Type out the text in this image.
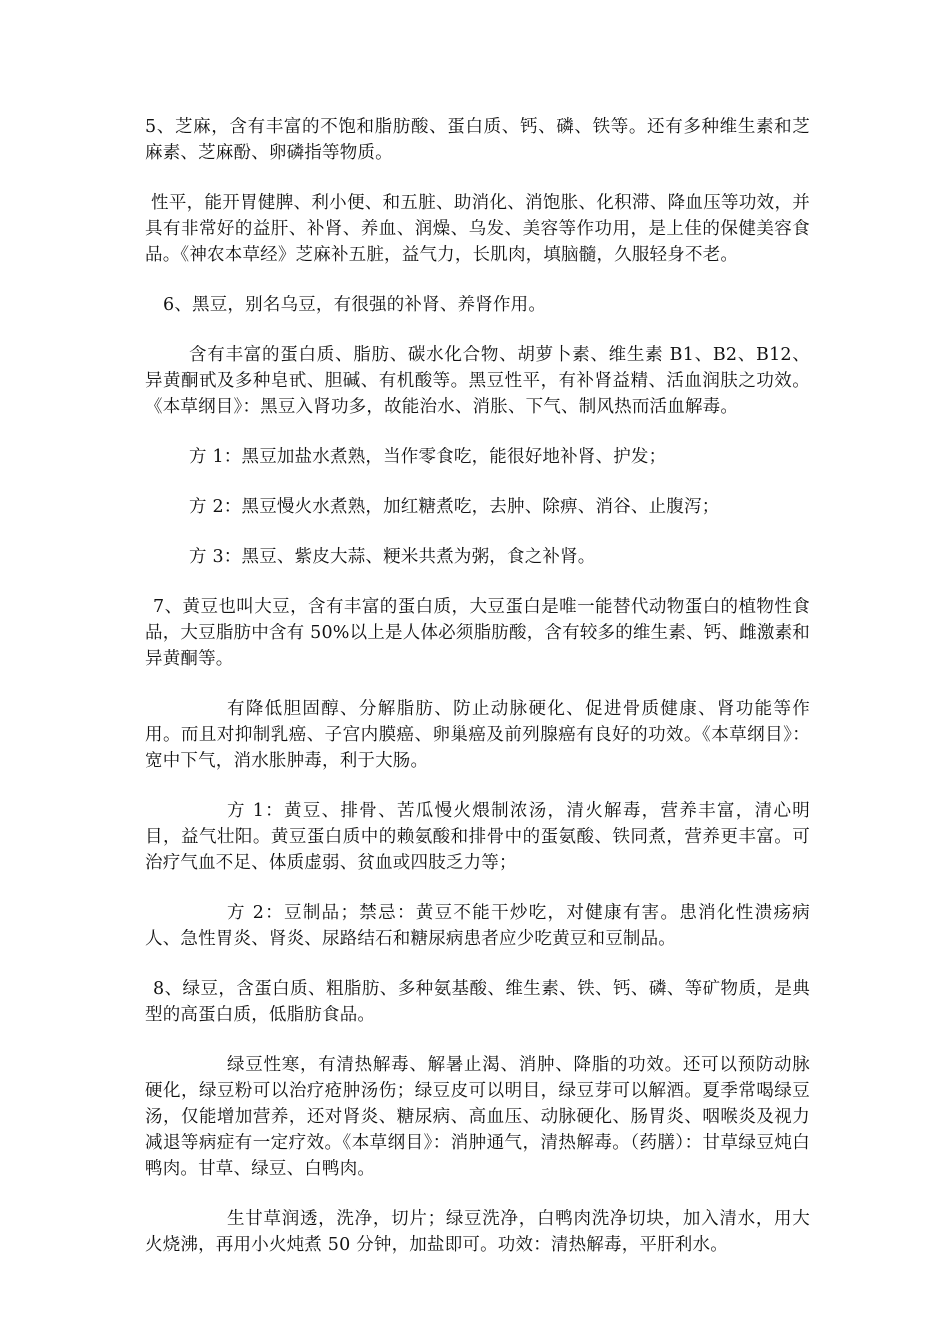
5、芝麻，含有丰富的不饱和脂肪酸、蛋白质、钙、磷、铁等。还有多种维生素和芝麻素、芝麻酚、卵磷指等物质。

性平，能开胃健脾、利小便、和五脏、助消化、消饱胀、化积滞、降血压等功效，并具有非常好的益肝、补肾、养血、润燥、乌发、美容等作功用，是上佳的保健美容食品。《神农本草经》芝麻补五脏，益气力，长肌肉，填脑髓，久服轻身不老。

6、黑豆，别名乌豆，有很强的补肾、养肾作用。

含有丰富的蛋白质、脂肪、碳水化合物、胡萝卜素、维生素 B1、B2、B12、异黄酮甙及多种皂甙、胆碱、有机酸等。黑豆性平，有补肾益精、活血润肤之功效。《本草纲目》：黑豆入肾功多，故能治水、消胀、下气、制风热而活血解毒。

方 1：黑豆加盐水煮熟，当作零食吃，能很好地补肾、护发；

方 2：黑豆慢火水煮熟，加红糖煮吃，去肿、除痹、消谷、止腹泻；

方 3：黑豆、紫皮大蒜、粳米共煮为粥，食之补肾。

7、黄豆也叫大豆，含有丰富的蛋白质，大豆蛋白是唯一能替代动物蛋白的植物性食品，大豆脂肪中含有 50%以上是人体必须脂肪酸，含有较多的维生素、钙、雌激素和异黄酮等。

有降低胆固醇、分解脂肪、防止动脉硬化、促进骨质健康、肾功能等作用。而且对抑制乳癌、子宫内膜癌、卵巢癌及前列腺癌有良好的功效。《本草纲目》：宽中下气，消水胀肿毒，利于大肠。

方 1：黄豆、排骨、苦瓜慢火煨制浓汤，清火解毒，营养丰富，清心明目，益气壮阳。黄豆蛋白质中的赖氨酸和排骨中的蛋氨酸、铁同煮，营养更丰富。可治疗气血不足、体质虚弱、贫血或四肢乏力等；

方 2：豆制品；禁忌：黄豆不能干炒吃，对健康有害。患消化性溃疡病人、急性胃炎、肾炎、尿路结石和糖尿病患者应少吃黄豆和豆制品。

8、绿豆，含蛋白质、粗脂肪、多种氨基酸、维生素、铁、钙、磷、等矿物质，是典型的高蛋白质，低脂肪食品。

绿豆性寒，有清热解毒、解暑止渴、消肿、降脂的功效。还可以预防动脉硬化，绿豆粉可以治疗疮肿汤伤；绿豆皮可以明目，绿豆芽可以解酒。夏季常喝绿豆汤，仅能增加营养，还对肾炎、糖尿病、高血压、动脉硬化、肠胃炎、咽喉炎及视力减退等病症有一定疗效。《本草纲目》：消肿通气，清热解毒。（药膳）：甘草绿豆炖白鸭肉。甘草、绿豆、白鸭肉。

生甘草润透，洗净，切片；绿豆洗净，白鸭肉洗净切块，加入清水，用大火烧沸，再用小火炖煮 50 分钟，加盐即可。功效：清热解毒，平肝利水。
